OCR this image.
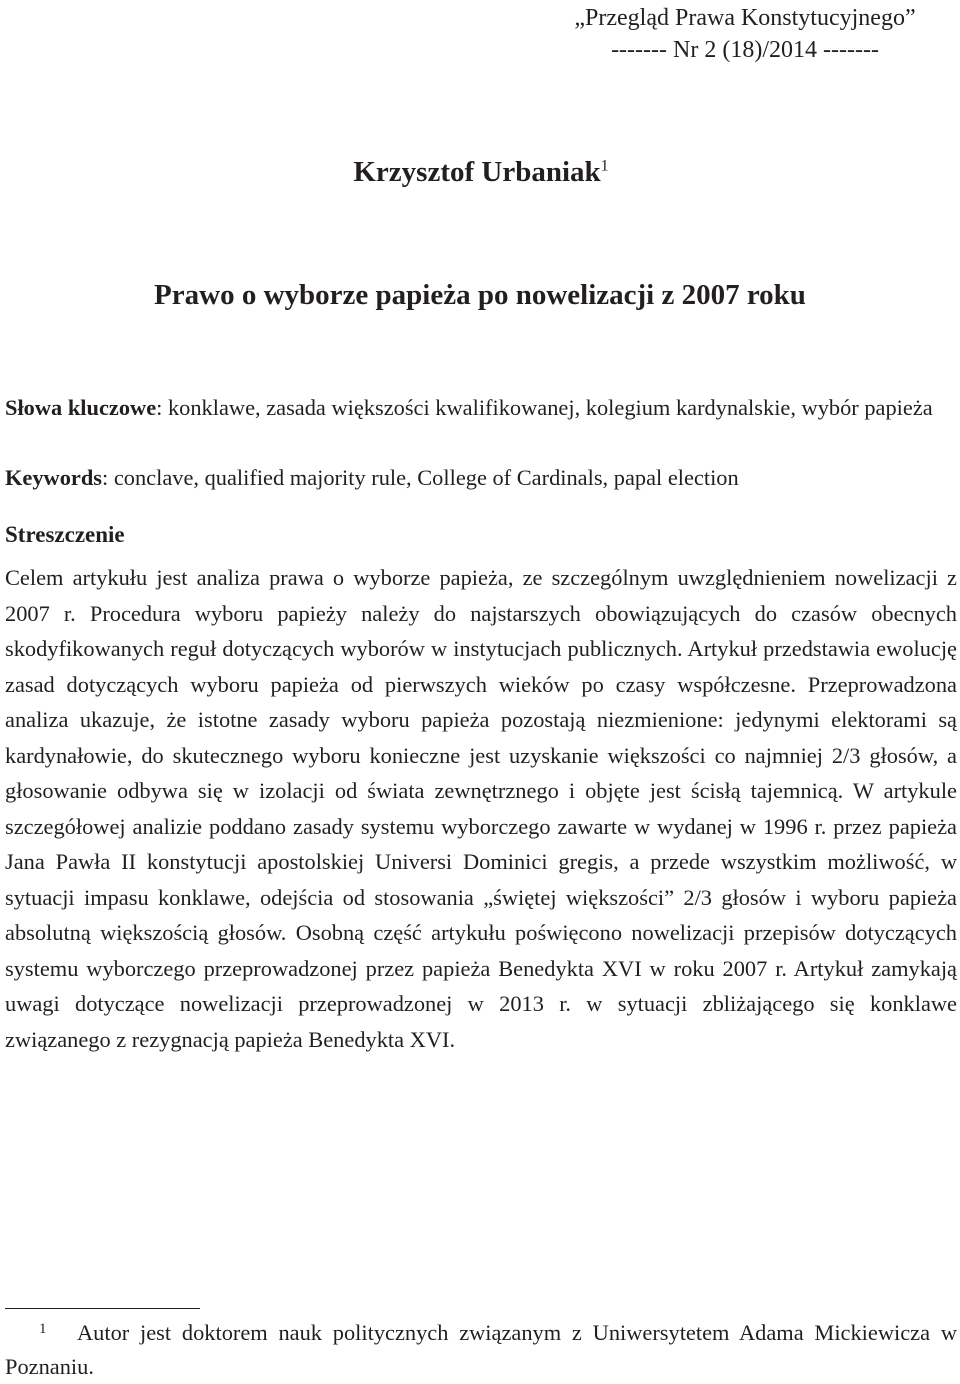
„Przegląd Prawa Konstytucyjnego”
------- Nr 2 (18)/2014 -------
Krzysztof Urbaniak$^1$
Prawo o wyborze papieża po nowelizacji z 2007 roku
Słowa kluczowe: konklawe, zasada większości kwalifikowanej, kolegium kardynalskie, wybór papieża
Keywords: conclave, qualified majority rule, College of Cardinals, papal election
Streszczenie
Celem artykułu jest analiza prawa o wyborze papieża, ze szczególnym uwzględnieniem nowelizacji z 2007 r. Procedura wyboru papieży należy do najstarszych obowiązujących do czasów obecnych skodyfikowanych reguł dotyczących wyborów w instytucjach publicznych. Artykuł przedstawia ewolucję zasad dotyczących wyboru papieża od pierwszych wieków po czasy współczesne. Przeprowadzona analiza ukazuje, że istotne zasady wyboru papieża pozostają niezmienione: jedynymi elektorami są kardynałowie, do skutecznego wyboru konieczne jest uzyskanie większości co najmniej 2/3 głosów, a głosowanie odbywa się w izolacji od świata zewnętrznego i objęte jest ścisłą tajemnicą. W artykule szczegółowej analizie poddano zasady systemu wyborczego zawarte w wydanej w 1996 r. przez papieża Jana Pawła II konstytucji apostolskiej Universi Dominici gregis, a przede wszystkim możliwość, w sytuacji impasu konklawe, odejścia od stosowania „świętej większości” 2/3 głosów i wyboru papieża absolutną większością głosów. Osobną część artykułu poświęcono nowelizacji przepisów dotyczących systemu wyborczego przeprowadzonej przez papieża Benedykta XVI w roku 2007 r. Artykuł zamykają uwagi dotyczące nowelizacji przeprowadzonej w 2013 r. w sytuacji zbliżającego się konklawe związanego z rezygnacją papieża Benedykta XVI.
1 Autor jest doktorem nauk politycznych związanym z Uniwersytetem Adama Mickiewicza w Poznaniu.
